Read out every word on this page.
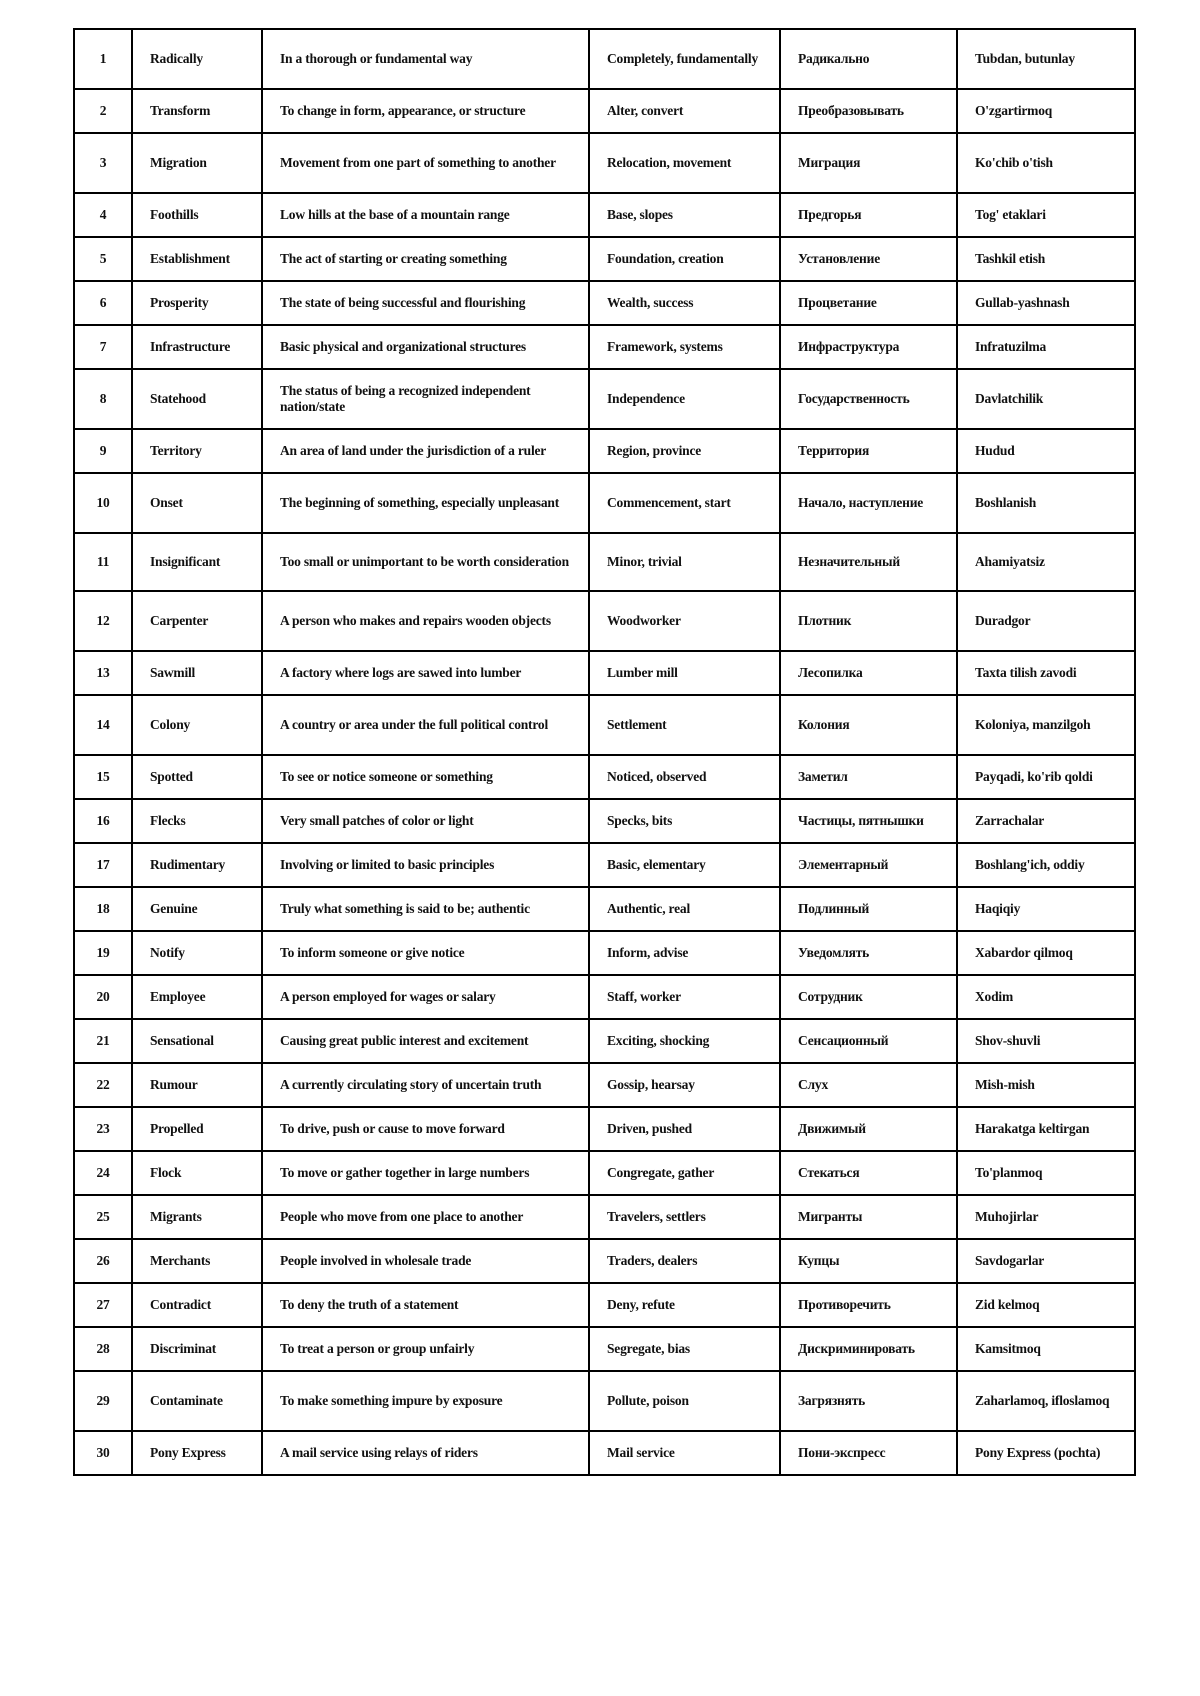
1	Radically	In a thorough or fundamental way	Completely, fundamentally	Радикально	Tubdan, butunlay
2	Transform	To change in form, appearance, or structure	Alter, convert	Преобразовывать	O'zgartirmoq
3	Migration	Movement from one part of something to another	Relocation, movement	Миграция	Ko'chib o'tish
4	Foothills	Low hills at the base of a mountain range	Base, slopes	Предгорья	Tog' etaklari
5	Establishment	The act of starting or creating something	Foundation, creation	Установление	Tashkil etish
6	Prosperity	The state of being successful and flourishing	Wealth, success	Процветание	Gullab-yashnash
7	Infrastructure	Basic physical and organizational structures	Framework, systems	Инфраструктура	Infratuzilma
8	Statehood	The status of being a recognized independent nation/state	Independence	Государственность	Davlatchilik
9	Territory	An area of land under the jurisdiction of a ruler	Region, province	Территория	Hudud
10	Onset	The beginning of something, especially unpleasant	Commencement, start	Начало, наступление	Boshlanish
11	Insignificant	Too small or unimportant to be worth consideration	Minor, trivial	Незначительный	Ahamiyatsiz
12	Carpenter	A person who makes and repairs wooden objects	Woodworker	Плотник	Duradgor
13	Sawmill	A factory where logs are sawed into lumber	Lumber mill	Лесопилка	Taxta tilish zavodi
14	Colony	A country or area under the full political control	Settlement	Колония	Koloniya, manzilgoh
15	Spotted	To see or notice someone or something	Noticed, observed	Заметил	Payqadi, ko'rib qoldi
16	Flecks	Very small patches of color or light	Specks, bits	Частицы, пятнышки	Zarrachalar
17	Rudimentary	Involving or limited to basic principles	Basic, elementary	Элементарный	Boshlang'ich, oddiy
18	Genuine	Truly what something is said to be; authentic	Authentic, real	Подлинный	Haqiqiy
19	Notify	To inform someone or give notice	Inform, advise	Уведомлять	Xabardor qilmoq
20	Employee	A person employed for wages or salary	Staff, worker	Сотрудник	Xodim
21	Sensational	Causing great public interest and excitement	Exciting, shocking	Сенсационный	Shov-shuvli
22	Rumour	A currently circulating story of uncertain truth	Gossip, hearsay	Слух	Mish-mish
23	Propelled	To drive, push or cause to move forward	Driven, pushed	Движимый	Harakatga keltirgan
24	Flock	To move or gather together in large numbers	Congregate, gather	Стекаться	To'planmoq
25	Migrants	People who move from one place to another	Travelers, settlers	Мигранты	Muhojirlar
26	Merchants	People involved in wholesale trade	Traders, dealers	Купцы	Savdogarlar
27	Contradict	To deny the truth of a statement	Deny, refute	Противоречить	Zid kelmoq
28	Discriminat	To treat a person or group unfairly	Segregate, bias	Дискриминировать	Kamsitmoq
29	Contaminate	To make something impure by exposure	Pollute, poison	Загрязнять	Zaharlamoq, ifloslamoq
30	Pony Express	A mail service using relays of riders	Mail service	Пони-экспресс	Pony Express (pochta)
